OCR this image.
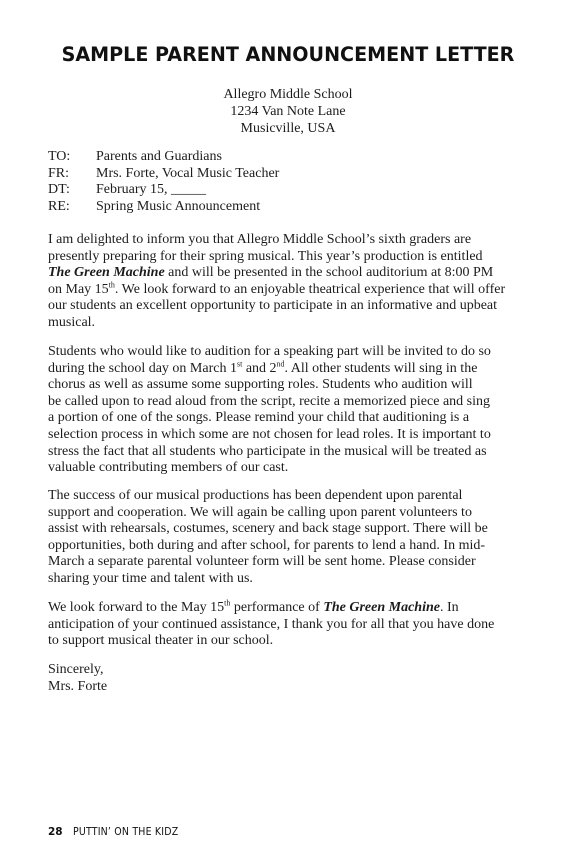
SAMPLE PARENT ANNOUNCEMENT LETTER
Allegro Middle School
1234 Van Note Lane
Musicville, USA
TO:	Parents and Guardians
FR:	Mrs. Forte, Vocal Music Teacher
DT:	February 15, _____
RE:	Spring Music Announcement
I am delighted to inform you that Allegro Middle School’s sixth graders are
presently preparing for their spring musical. This year’s production is entitled
The Green Machine and will be presented in the school auditorium at 8:00 PM
on May 15th. We look forward to an enjoyable theatrical experience that will offer
our students an excellent opportunity to participate in an informative and upbeat
musical.
Students who would like to audition for a speaking part will be invited to do so
during the school day on March 1st and 2nd. All other students will sing in the
chorus as well as assume some supporting roles. Students who audition will
be called upon to read aloud from the script, recite a memorized piece and sing
a portion of one of the songs. Please remind your child that auditioning is a
selection process in which some are not chosen for lead roles. It is important to
stress the fact that all students who participate in the musical will be treated as
valuable contributing members of our cast.
The success of our musical productions has been dependent upon parental
support and cooperation. We will again be calling upon parent volunteers to
assist with rehearsals, costumes, scenery and back stage support. There will be
opportunities, both during and after school, for parents to lend a hand. In mid-
March a separate parental volunteer form will be sent home. Please consider
sharing your time and talent with us.
We look forward to the May 15th performance of The Green Machine. In
anticipation of your continued assistance, I thank you for all that you have done
to support musical theater in our school.
Sincerely,
Mrs. Forte
28 PUTTIN’ ON THE KIDZ
